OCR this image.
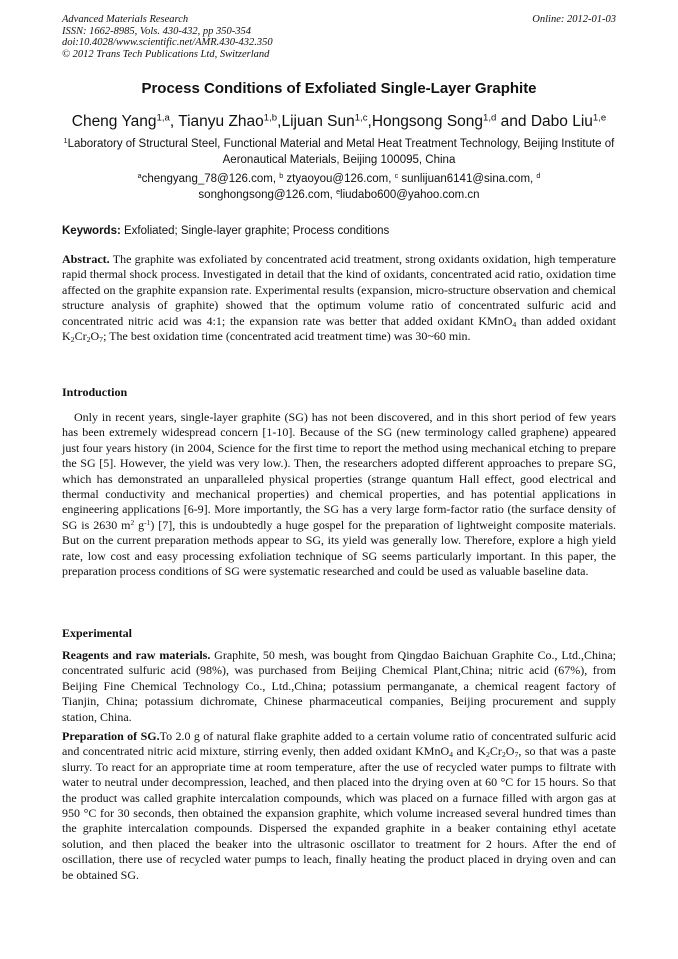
Advanced Materials Research
ISSN: 1662-8985, Vols. 430-432, pp 350-354
doi:10.4028/www.scientific.net/AMR.430-432.350
© 2012 Trans Tech Publications Ltd, Switzerland
Online: 2012-01-03
Process Conditions of Exfoliated Single-Layer Graphite
Cheng Yang$^{1,a}$, Tianyu Zhao$^{1,b}$,Lijuan Sun$^{1,c}$,Hongsong Song$^{1,d}$ and Dabo Liu$^{1,e}$
$^1$Laboratory of Structural Steel, Functional Material and Metal Heat Treatment Technology, Beijing Institute of Aeronautical Materials, Beijing 100095, China
$^a$chengyang_78@126.com, $^b$ ztyaoyou@126.com, $^c$ sunlijuan6141@sina.com, $^d$
songhongsong@126.com, $^e$liudabo600@yahoo.com.cn
Keywords: Exfoliated; Single-layer graphite; Process conditions

Abstract. The graphite was exfoliated by concentrated acid treatment, strong oxidants oxidation, high temperature rapid thermal shock process. Investigated in detail that the kind of oxidants, concentrated acid ratio, oxidation time affected on the graphite expansion rate. Experimental results (expansion, micro-structure observation and chemical structure analysis of graphite) showed that the optimum volume ratio of concentrated sulfuric acid and concentrated nitric acid was 4:1; the expansion rate was better that added oxidant KMnO$_4$ than added oxidant $K_2Cr_2O_7$; The best oxidation time (concentrated acid treatment time) was 30~60 min.

Introduction

Only in recent years, single-layer graphite (SG) has not been discovered, and in this short period of few years has been extremely widespread concern [1-10]. Because of the SG (new terminology called graphene) appeared just four years history (in 2004, Science for the first time to report the method using mechanical etching to prepare the SG [5]. However, the yield was very low.). Then, the researchers adopted different approaches to prepare SG, which has demonstrated an unparalleled physical properties (strange quantum Hall effect, good electrical and thermal conductivity and mechanical properties) and chemical properties, and has potential applications in engineering applications [6-9]. More importantly, the SG has a very large form-factor ratio (the surface density of SG is 2630 $m^2$ $g^{-1}$) [7], this is undoubtedly a huge gospel for the preparation of lightweight composite materials. But on the current preparation methods appear to SG, its yield was generally low. Therefore, explore a high yield rate, low cost and easy processing exfoliation technique of SG seems particularly important. In this paper, the preparation process conditions of SG were systematic researched and could be used as valuable baseline data.

Experimental

Reagents and raw materials. Graphite, 50 mesh, was bought from Qingdao Baichuan Graphite Co., Ltd.,China; concentrated sulfuric acid (98%), was purchased from Beijing Chemical Plant,China; nitric acid (67%), from Beijing Fine Chemical Technology Co., Ltd.,China; potassium permanganate, a chemical reagent factory of Tianjin, China; potassium dichromate, Chinese pharmaceutical companies, Beijing procurement and supply station, China.

Preparation of SG.To 2.0 g of natural flake graphite added to a certain volume ratio of concentrated sulfuric acid and concentrated nitric acid mixture, stirring evenly, then added oxidant KMnO$_4$ and $K_2Cr_2O_7$, so that was a paste slurry. To react for an appropriate time at room temperature, after the use of recycled water pumps to filtrate with water to neutral under decompression, leached, and then placed into the drying oven at 60 °C for 15 hours. So that the product was called graphite intercalation compounds, which was placed on a furnace filled with argon gas at 950 °C for 30 seconds, then obtained the expansion graphite, which volume increased several hundred times than the graphite intercalation compounds. Dispersed the expanded graphite in a beaker containing ethyl acetate solution, and then placed the beaker into the ultrasonic oscillator to treatment for 2 hours. After the end of oscillation, there use of recycled water pumps to leach, finally heating the product placed in drying oven and can be obtained SG.
